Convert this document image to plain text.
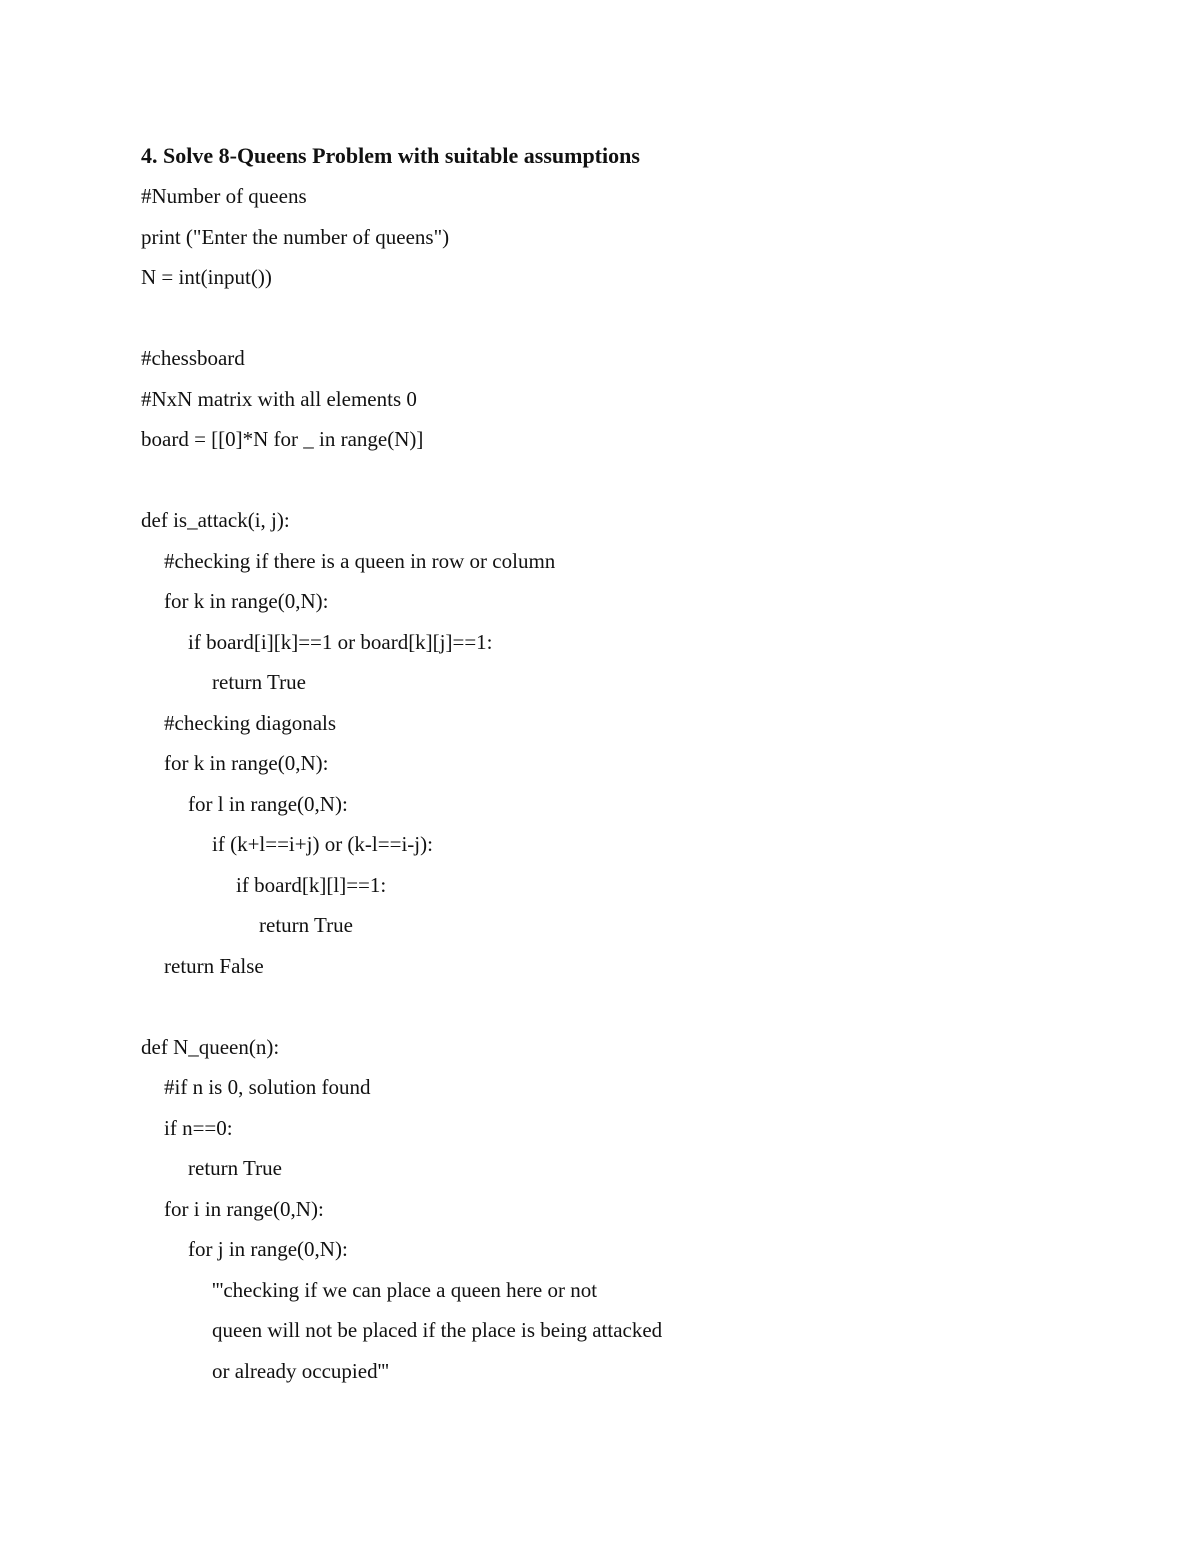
4. Solve 8-Queens Problem with suitable assumptions
#Number of queens
print ("Enter the number of queens")
N = int(input())
#chessboard
#NxN matrix with all elements 0
board = [[0]*N for _ in range(N)]
def is_attack(i, j):
#checking if there is a queen in row or column
for k in range(0,N):
if board[i][k]==1 or board[k][j]==1:
return True
#checking diagonals
for k in range(0,N):
for l in range(0,N):
if (k+l==i+j) or (k-l==i-j):
if board[k][l]==1:
return True
return False
def N_queen(n):
#if n is 0, solution found
if n==0:
return True
for i in range(0,N):
for j in range(0,N):
'''checking if we can place a queen here or not
queen will not be placed if the place is being attacked
or already occupied'''
